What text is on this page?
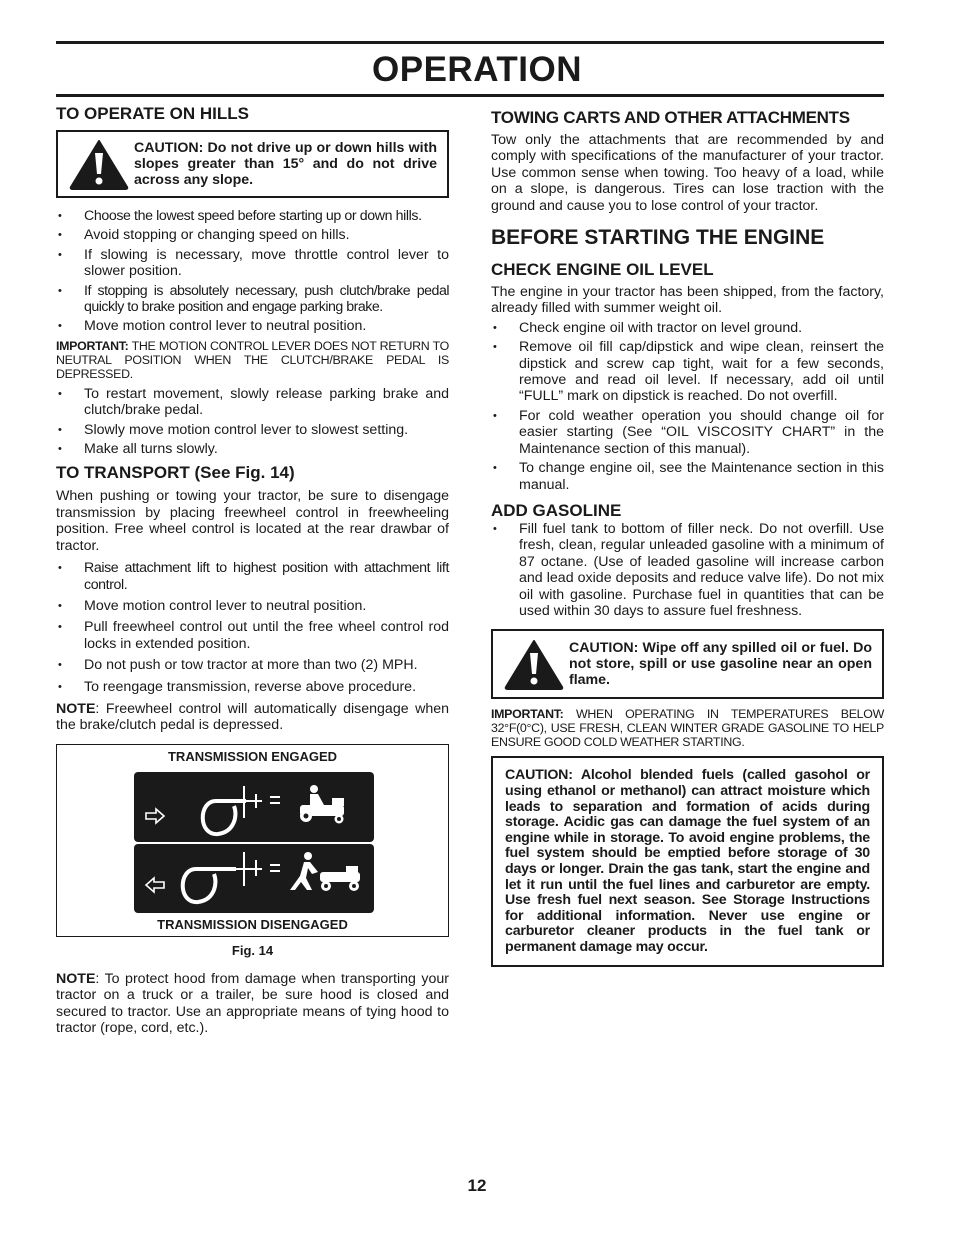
OPERATION
TO OPERATE ON HILLS
CAUTION: Do not drive up or down hills with slopes greater than 15° and do not drive across any slope.
• Choose the lowest speed before starting up or down hills.
• Avoid stopping or changing speed on hills.
• If slowing is necessary, move throttle control lever to slower position.
• If stopping is absolutely necessary, push clutch/brake pedal quickly to brake position and engage parking brake.
• Move motion control lever to neutral position.

IMPORTANT: THE MOTION CONTROL LEVER DOES NOT RETURN TO NEUTRAL POSITION WHEN THE CLUTCH/BRAKE PEDAL IS DEPRESSED.

• To restart movement, slowly release parking brake and clutch/brake pedal.
• Slowly move motion control lever to slowest setting.
• Make all turns slowly.
TO TRANSPORT (See Fig. 14)

When pushing or towing your tractor, be sure to disengage transmission by placing freewheel control in freewheeling position. Free wheel control is located at the rear drawbar of tractor.

• Raise attachment lift to highest position with attachment lift control.
• Move motion control lever to neutral position.
• Pull freewheel control out until the free wheel control rod locks in extended position.
• Do not push or tow tractor at more than two (2) MPH.
• To reengage transmission, reverse above procedure.

NOTE: Freewheel control will automatically disengage when the brake/clutch pedal is depressed.

TRANSMISSION ENGAGED
TRANSMISSION DISENGAGED
Fig. 14

NOTE: To protect hood from damage when transporting your tractor on a truck or a trailer, be sure hood is closed and secured to tractor. Use an appropriate means of tying hood to tractor (rope, cord, etc.).

TOWING CARTS AND OTHER ATTACHMENTS

Tow only the attachments that are recommended by and comply with specifications of the manufacturer of your tractor. Use common sense when towing. Too heavy of a load, while on a slope, is dangerous. Tires can lose traction with the ground and cause you to lose control of your tractor.

BEFORE STARTING THE ENGINE
CHECK ENGINE OIL LEVEL

The engine in your tractor has been shipped, from the factory, already filled with summer weight oil.

• Check engine oil with tractor on level ground.
• Remove oil fill cap/dipstick and wipe clean, reinsert the dipstick and screw cap tight, wait for a few seconds, remove and read oil level. If necessary, add oil until “FULL” mark on dipstick is reached. Do not overfill.
• For cold weather operation you should change oil for easier starting (See “OIL VISCOSITY CHART” in the Maintenance section of this manual).
• To change engine oil, see the Maintenance section in this manual.
ADD GASOLINE
• Fill fuel tank to bottom of filler neck. Do not overfill. Use fresh, clean, regular unleaded gasoline with a minimum of 87 octane. (Use of leaded gasoline will increase carbon and lead oxide deposits and reduce valve life). Do not mix oil with gasoline. Purchase fuel in quantities that can be used within 30 days to assure fuel freshness.
CAUTION: Wipe off any spilled oil or fuel. Do not store, spill or use gasoline near an open flame.

IMPORTANT: WHEN OPERATING IN TEMPERATURES BELOW 32°F(0°C), USE FRESH, CLEAN WINTER GRADE GASOLINE TO HELP ENSURE GOOD COLD WEATHER STARTING.

CAUTION: Alcohol blended fuels (called gasohol or using ethanol or methanol) can attract moisture which leads to separation and formation of acids during storage. Acidic gas can damage the fuel system of an engine while in storage. To avoid engine problems, the fuel system should be emptied before storage of 30 days or longer. Drain the gas tank, start the engine and let it run until the fuel lines and carburetor are empty. Use fresh fuel next season. See Storage Instructions for additional information. Never use engine or carburetor cleaner products in the fuel tank or permanent damage may occur.
12
